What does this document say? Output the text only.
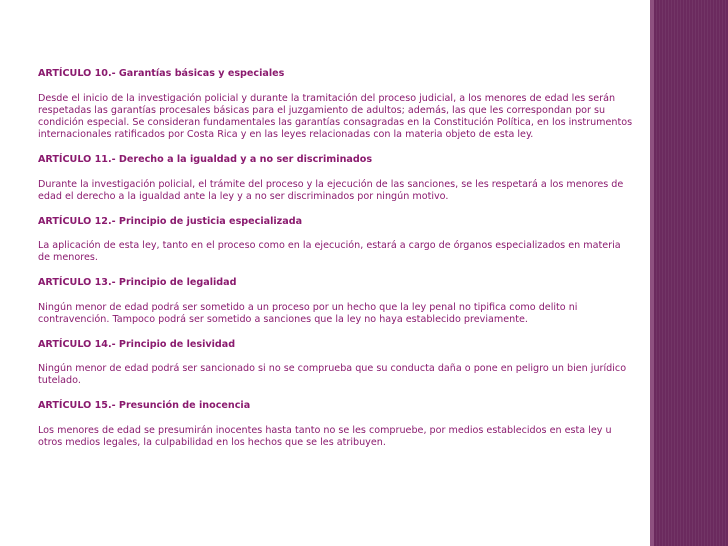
ARTÍCULO 10.- Garantías básicas y especiales

Desde el inicio de la investigación policial y durante la tramitación del proceso judicial, a los menores de edad les serán respetadas las garantías procesales básicas para el juzgamiento de adultos; además, las que les correspondan por su condición especial. Se consideran fundamentales las garantías consagradas en la Constitución Política, en los instrumentos internacionales ratificados por Costa Rica y en las leyes relacionadas con la materia objeto de esta ley.

ARTÍCULO 11.- Derecho a la igualdad y a no ser discriminados

Durante la investigación policial, el trámite del proceso y la ejecución de las sanciones, se les respetará a los menores de edad el derecho a la igualdad ante la ley y a no ser discriminados por ningún motivo.

ARTÍCULO 12.- Principio de justicia especializada

La aplicación de esta ley, tanto en el proceso como en la ejecución, estará a cargo de órganos especializados en materia de menores.

ARTÍCULO 13.- Principio de legalidad

Ningún menor de edad podrá ser sometido a un proceso por un hecho que la ley penal no tipifica como delito ni contravención. Tampoco podrá ser sometido a sanciones que la ley no haya establecido previamente.

ARTÍCULO 14.- Principio de lesividad

Ningún menor de edad podrá ser sancionado si no se comprueba que su conducta daña o pone en peligro un bien jurídico tutelado.

ARTÍCULO 15.- Presunción de inocencia

Los menores de edad se presumirán inocentes hasta tanto no se les compruebe, por medios establecidos en esta ley u otros medios legales, la culpabilidad en los hechos que se les atribuyen.
